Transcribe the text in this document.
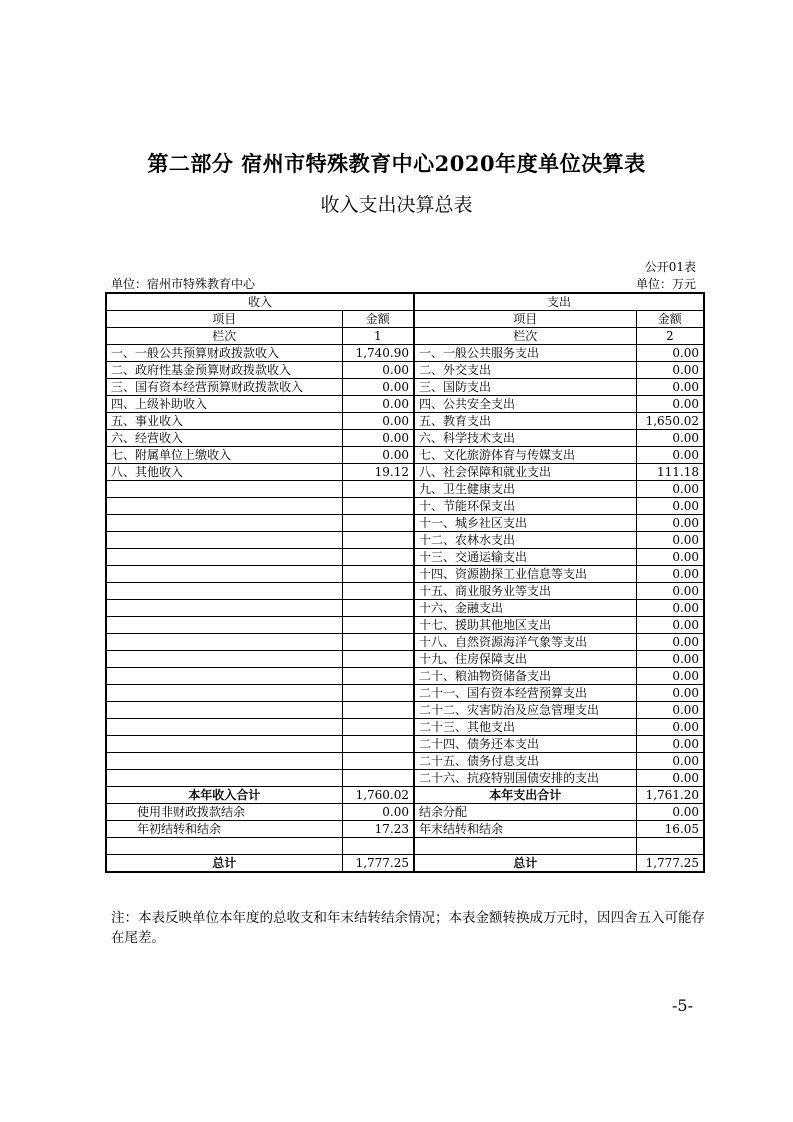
第二部分 宿州市特殊教育中心2020年度单位决算表
收入支出决算总表
公开01表
单位：宿州市特殊教育中心	单位：万元
收入		支出	
项目	金额	项目	金额
栏次	1	栏次	2
一、一般公共预算财政拨款收入	1,740.90	一、一般公共服务支出	0.00
二、政府性基金预算财政拨款收入	0.00	二、外交支出	0.00
三、国有资本经营预算财政拨款收入	0.00	三、国防支出	0.00
四、上级补助收入	0.00	四、公共安全支出	0.00
五、事业收入	0.00	五、教育支出	1,650.02
六、经营收入	0.00	六、科学技术支出	0.00
七、附属单位上缴收入	0.00	七、文化旅游体育与传媒支出	0.00
八、其他收入	19.12	八、社会保障和就业支出	111.18
		九、卫生健康支出	0.00
		十、节能环保支出	0.00
		十一、城乡社区支出	0.00
		十二、农林水支出	0.00
		十三、交通运输支出	0.00
		十四、资源勘探工业信息等支出	0.00
		十五、商业服务业等支出	0.00
		十六、金融支出	0.00
		十七、援助其他地区支出	0.00
		十八、自然资源海洋气象等支出	0.00
		十九、住房保障支出	0.00
		二十、粮油物资储备支出	0.00
		二十一、国有资本经营预算支出	0.00
		二十二、灾害防治及应急管理支出	0.00
		二十三、其他支出	0.00
		二十四、债务还本支出	0.00
		二十五、债务付息支出	0.00
		二十六、抗疫特别国债安排的支出	0.00
本年收入合计	1,760.02	本年支出合计	1,761.20
使用非财政拨款结余	0.00	结余分配	0.00
年初结转和结余	17.23	年末结转和结余	16.05

总计	1,777.25	总计	1,777.25
注：本表反映单位本年度的总收支和年末结转结余情况；本表金额转换成万元时，因四舍五入可能存在尾差。
-5-
